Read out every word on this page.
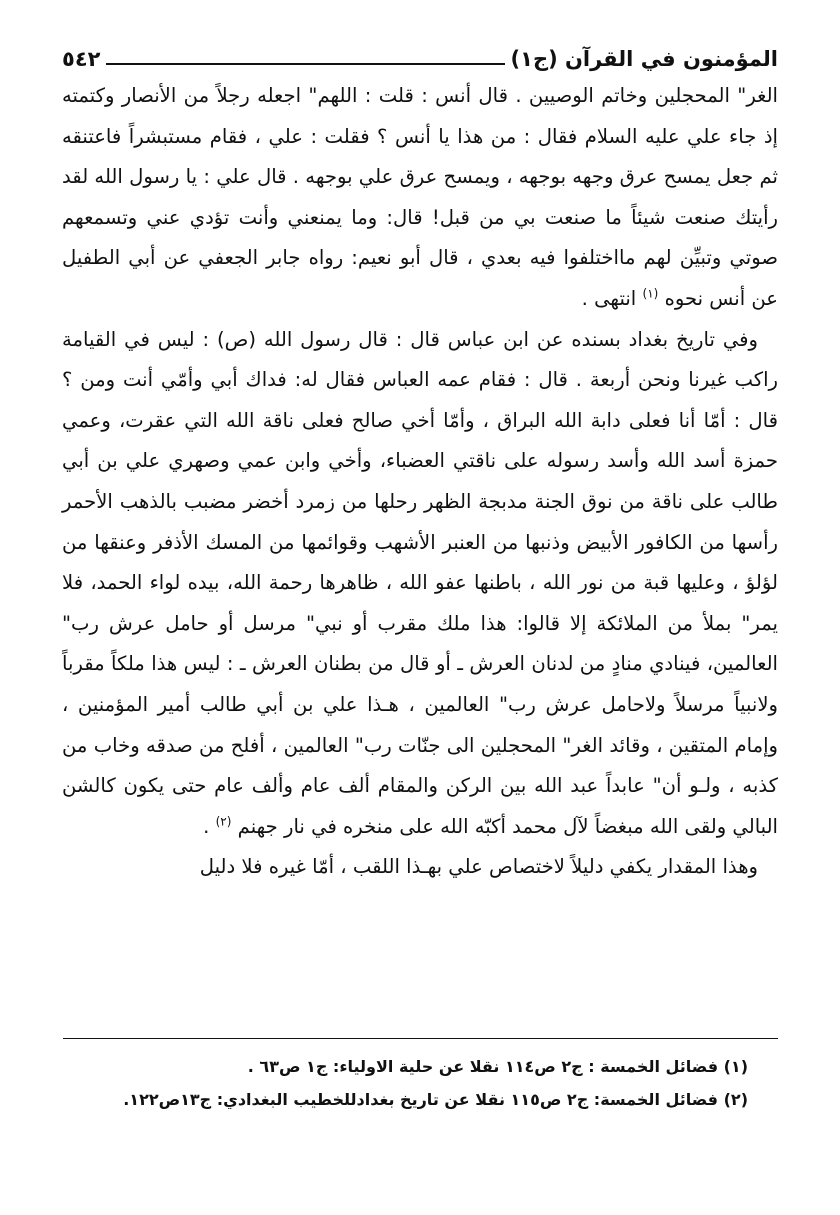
المؤمنون في القرآن (ج١)
٥٤٢

الغر" المحجلين وخاتم الوصيين . قال أنس : قلت : اللهم" اجعله رجلاً من الأنصار وكتمته إذ جاء علي عليه السلام فقال : من هذا يا أنس ؟ فقلت : علي ، فقام مستبشراً فاعتنقه ثم جعل يمسح عرق وجهه بوجهه ، ويمسح عرق علي بوجهه . قال علي : يا رسول الله لقد رأيتك صنعت شيئاً ما صنعت بي من قبل! قال: وما يمنعني وأنت تؤدي عني وتسمعهم صوتي وتبيِّن لهم مااختلفوا فيه بعدي ، قال أبو نعيم: رواه جابر الجعفي عن أبي الطفيل عن أنس نحوه $^{(١)}$ انتهى .

وفي تاريخ بغداد بسنده عن ابن عباس قال : قال رسول الله (ص) : ليس في القيامة راكب غيرنا ونحن أربعة . قال : فقام عمه العباس فقال له: فداك أبي وأمّي أنت ومن ؟ قال : أمّا أنا فعلى دابة الله البراق ، وأمّا أخي صالح فعلى ناقة الله التي عقرت، وعمي حمزة أسد الله وأسد رسوله على ناقتي العضباء، وأخي وابن عمي وصهري علي بن أبي طالب على ناقة من نوق الجنة مدبجة الظهر رحلها من زمرد أخضر مضبب بالذهب الأحمر رأسها من الكافور الأبيض وذنبها من العنبر الأشهب وقوائمها من المسك الأذفر وعنقها من لؤلؤ ، وعليها قبة من نور الله ، باطنها عفو الله ، ظاهرها رحمة الله، بيده لواء الحمد، فلا يمر" بملأ من الملائكة إلا قالوا: هذا ملك مقرب أو نبي" مرسل أو حامل عرش رب" العالمين، فينادي منادٍ من لدنان العرش ـ أو قال من بطنان العرش ـ : ليس هذا ملكاً مقرباً ولانبياً مرسلاً ولاحامل عرش رب" العالمين ، هـذا علي بن أبي طالب أمير المؤمنين ، وإمام المتقين ، وقائد الغر" المحجلين الى جنّات رب" العالمين ، أفلح من صدقه وخاب من كذبه ، ولـو أن" عابداً عبد الله بين الركن والمقام ألف عام وألف عام حتى يكون كالشن البالي ولقى الله مبغضاً لآل محمد أكبّه الله على منخره في نار جهنم $^{(٢)}$ .

وهذا المقدار يكفي دليلاً لاختصاص علي بهـذا اللقب ، أمّا غيره فلا دليل

(١) فضائل الخمسة : ج٢ ص١١٤ نقلا عن حلية الاولياء: ج١ ص٦٣ .

(٢) فضائل الخمسة: ج٢ ص١١٥ نقلا عن تاريخ بغدادللخطيب البغدادي: ج١٣ص١٢٢.
